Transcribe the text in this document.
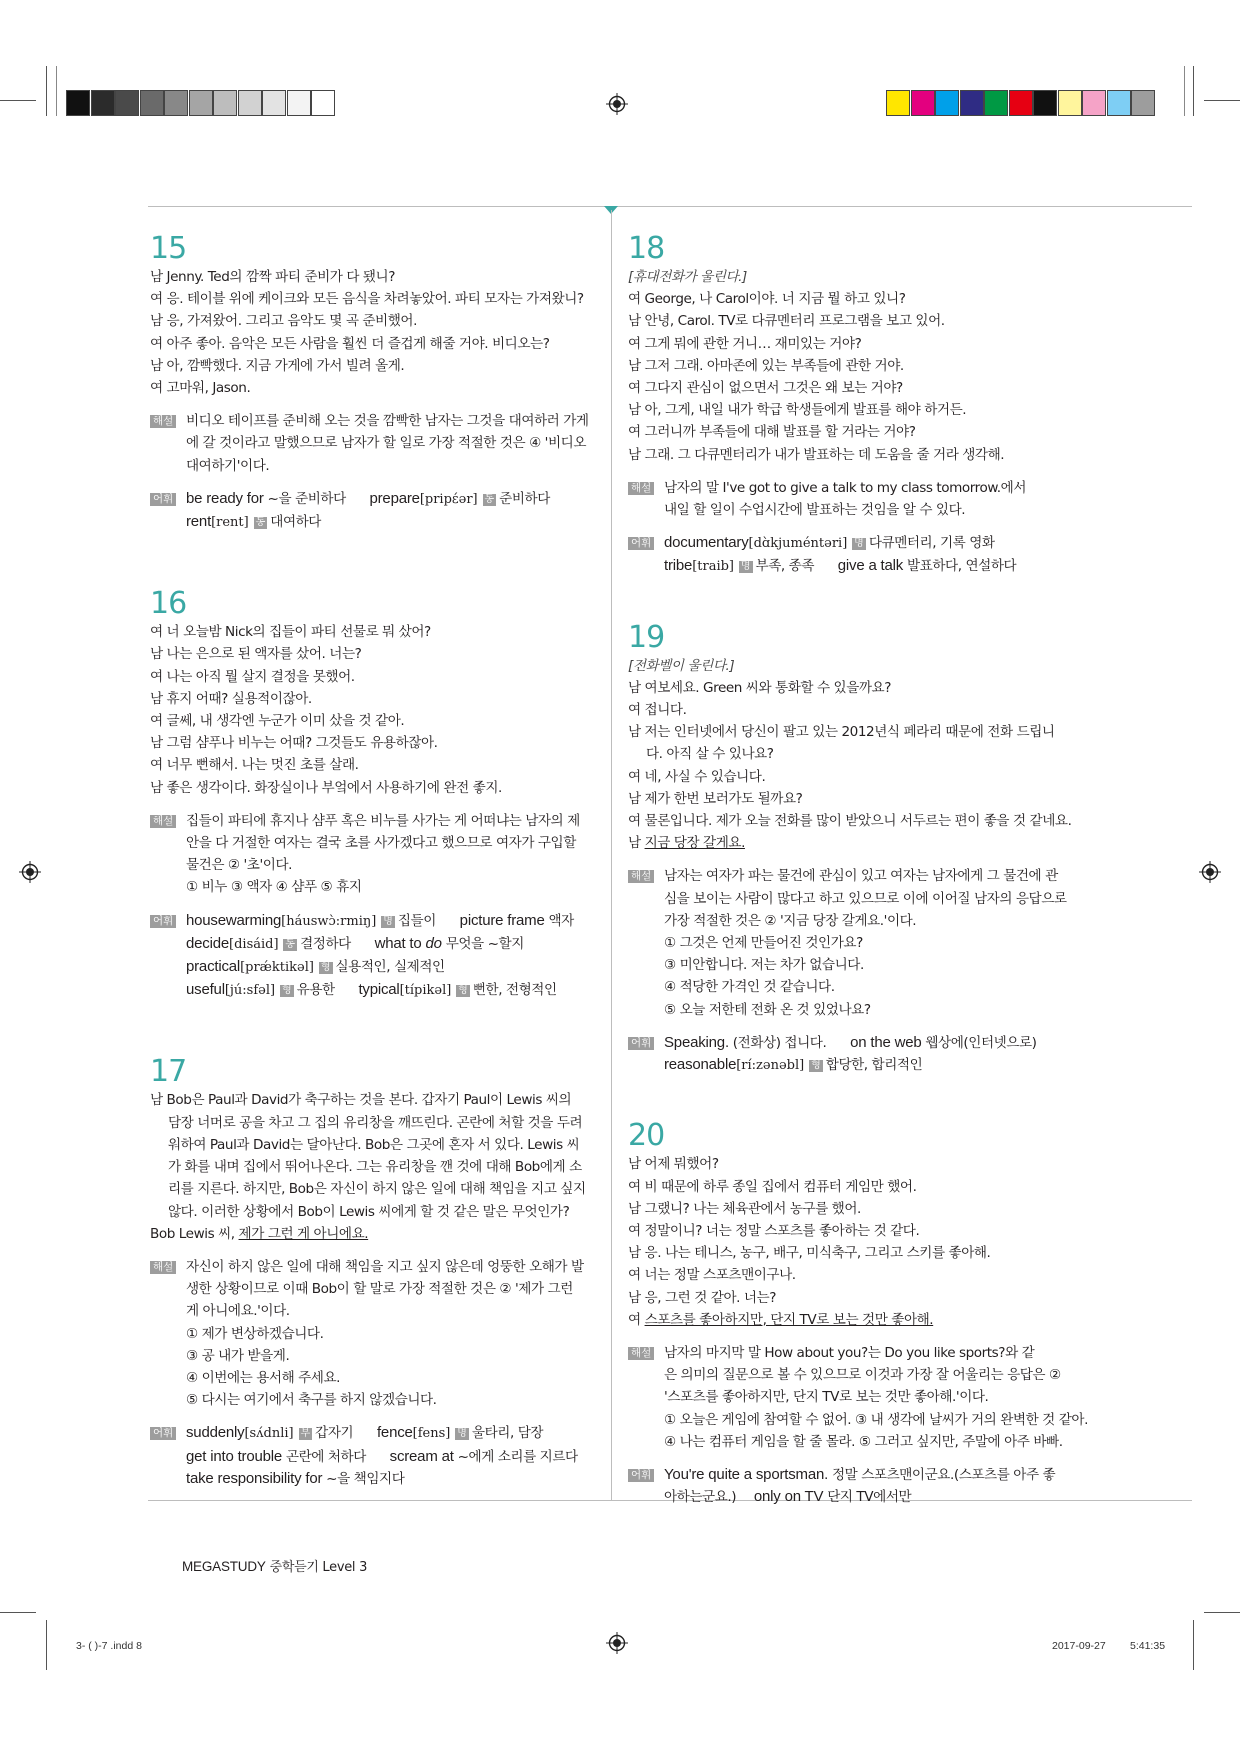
15
남 Jenny. Ted의 깜짝 파티 준비가 다 됐니?
여 응. 테이블 위에 케이크와 모든 음식을 차려놓았어. 파티 모자는 가져왔니?
남 응, 가져왔어. 그리고 음악도 몇 곡 준비했어.
여 아주 좋아. 음악은 모든 사람을 훨씬 더 즐겁게 해줄 거야. 비디오는?
남 아, 깜빡했다. 지금 가게에 가서 빌려 올게.
여 고마워, Jason.
해설 비디오 테이프를 준비해 오는 것을 깜빡한 남자는 그것을 대여하러 가게
에 갈 것이라고 말했으므로 남자가 할 일로 가장 적절한 것은 ④ '비디오
대여하기'이다.
어휘 be ready for ~을 준비하다 prepare[pripέər] 동 준비하다
rent[rent] 동 대여하다
16
여 너 오늘밤 Nick의 집들이 파티 선물로 뭐 샀어?
남 나는 은으로 된 액자를 샀어. 너는?
여 나는 아직 뭘 살지 결정을 못했어.
남 휴지 어때? 실용적이잖아.
여 글쎄, 내 생각엔 누군가 이미 샀을 것 같아.
남 그럼 샴푸나 비누는 어때? 그것들도 유용하잖아.
여 너무 뻔해서. 나는 멋진 초를 살래.
남 좋은 생각이다. 화장실이나 부엌에서 사용하기에 완전 좋지.
해설 집들이 파티에 휴지나 샴푸 혹은 비누를 사가는 게 어떠냐는 남자의 제
안을 다 거절한 여자는 결국 초를 사가겠다고 했으므로 여자가 구입할
물건은 ② '초'이다.
① 비누 ③ 액자 ④ 샴푸 ⑤ 휴지
어휘 housewarming[háuswɔ̀:rmiŋ] 명 집들이 picture frame 액자
decide[disáid] 동 결정하다 what to do 무엇을 ~할지
practical[prǽktikəl] 형 실용적인, 실제적인
useful[jú:sfəl] 형 유용한 typical[típikəl] 형 뻔한, 전형적인
17
남 Bob은 Paul과 David가 축구하는 것을 본다. 갑자기 Paul이 Lewis 씨의
담장 너머로 공을 차고 그 집의 유리창을 깨뜨린다. 곤란에 처할 것을 두려
워하여 Paul과 David는 달아난다. Bob은 그곳에 혼자 서 있다. Lewis 씨
가 화를 내며 집에서 뛰어나온다. 그는 유리창을 깬 것에 대해 Bob에게 소
리를 지른다. 하지만, Bob은 자신이 하지 않은 일에 대해 책임을 지고 싶지
않다. 이러한 상황에서 Bob이 Lewis 씨에게 할 것 같은 말은 무엇인가?
Bob Lewis 씨, 제가 그런 게 아니에요.
해설 자신이 하지 않은 일에 대해 책임을 지고 싶지 않은데 엉뚱한 오해가 발
생한 상황이므로 이때 Bob이 할 말로 가장 적절한 것은 ② '제가 그런
게 아니에요.'이다.
① 제가 변상하겠습니다.
③ 공 내가 받을게.
④ 이번에는 용서해 주세요.
⑤ 다시는 여기에서 축구를 하지 않겠습니다.
어휘 suddenly[sʌ́dnli] 부 갑자기 fence[fens] 명 울타리, 담장
get into trouble 곤란에 처하다 scream at ~에게 소리를 지르다
take responsibility for ~을 책임지다
18
[휴대전화가 울린다.]
여 George, 나 Carol이야. 너 지금 뭘 하고 있니?
남 안녕, Carol. TV로 다큐멘터리 프로그램을 보고 있어.
여 그게 뭐에 관한 거니… 재미있는 거야?
남 그저 그래. 아마존에 있는 부족들에 관한 거야.
여 그다지 관심이 없으면서 그것은 왜 보는 거야?
남 아, 그게, 내일 내가 학급 학생들에게 발표를 해야 하거든.
여 그러니까 부족들에 대해 발표를 할 거라는 거야?
남 그래. 그 다큐멘터리가 내가 발표하는 데 도움을 줄 거라 생각해.
해설 남자의 말 I've got to give a talk to my class tomorrow.에서
내일 할 일이 수업시간에 발표하는 것임을 알 수 있다.
어휘 documentary[dɑ̀kjuméntəri] 명 다큐멘터리, 기록 영화
tribe[traib] 명 부족, 종족 give a talk 발표하다, 연설하다
19
[전화벨이 울린다.]
남 여보세요. Green 씨와 통화할 수 있을까요?
여 접니다.
남 저는 인터넷에서 당신이 팔고 있는 2012년식 페라리 때문에 전화 드립니
다. 아직 살 수 있나요?
여 네, 사실 수 있습니다.
남 제가 한번 보러가도 될까요?
여 물론입니다. 제가 오늘 전화를 많이 받았으니 서두르는 편이 좋을 것 같네요.
남 지금 당장 갈게요.
해설 남자는 여자가 파는 물건에 관심이 있고 여자는 남자에게 그 물건에 관
심을 보이는 사람이 많다고 하고 있으므로 이에 이어질 남자의 응답으로
가장 적절한 것은 ② '지금 당장 갈게요.'이다.
① 그것은 언제 만들어진 것인가요?
③ 미안합니다. 저는 차가 없습니다.
④ 적당한 가격인 것 같습니다.
⑤ 오늘 저한테 전화 온 것 있었나요?
어휘 Speaking. (전화상) 접니다. on the web 웹상에(인터넷으로)
reasonable[rí:zənəbl] 형 합당한, 합리적인
20
남 어제 뭐했어?
여 비 때문에 하루 종일 집에서 컴퓨터 게임만 했어.
남 그랬니? 나는 체육관에서 농구를 했어.
여 정말이니? 너는 정말 스포츠를 좋아하는 것 같다.
남 응. 나는 테니스, 농구, 배구, 미식축구, 그리고 스키를 좋아해.
여 너는 정말 스포츠맨이구나.
남 응, 그런 것 같아. 너는?
여 스포츠를 좋아하지만, 단지 TV로 보는 것만 좋아해.
해설 남자의 마지막 말 How about you?는 Do you like sports?와 같
은 의미의 질문으로 볼 수 있으므로 이것과 가장 잘 어울리는 응답은 ②
'스포츠를 좋아하지만, 단지 TV로 보는 것만 좋아해.'이다.
① 오늘은 게임에 참여할 수 없어. ③ 내 생각에 날씨가 거의 완벽한 것 같아.
④ 나는 컴퓨터 게임을 할 줄 몰라. ⑤ 그러고 싶지만, 주말에 아주 바빠.
어휘 You're quite a sportsman. 정말 스포츠맨이군요.(스포츠를 아주 좋
아하는군요.) only on TV 단지 TV에서만
MEGASTUDY 중학듣기 Level 3
3- ( )-7 .indd 8	2017-09-27 5:41:35
